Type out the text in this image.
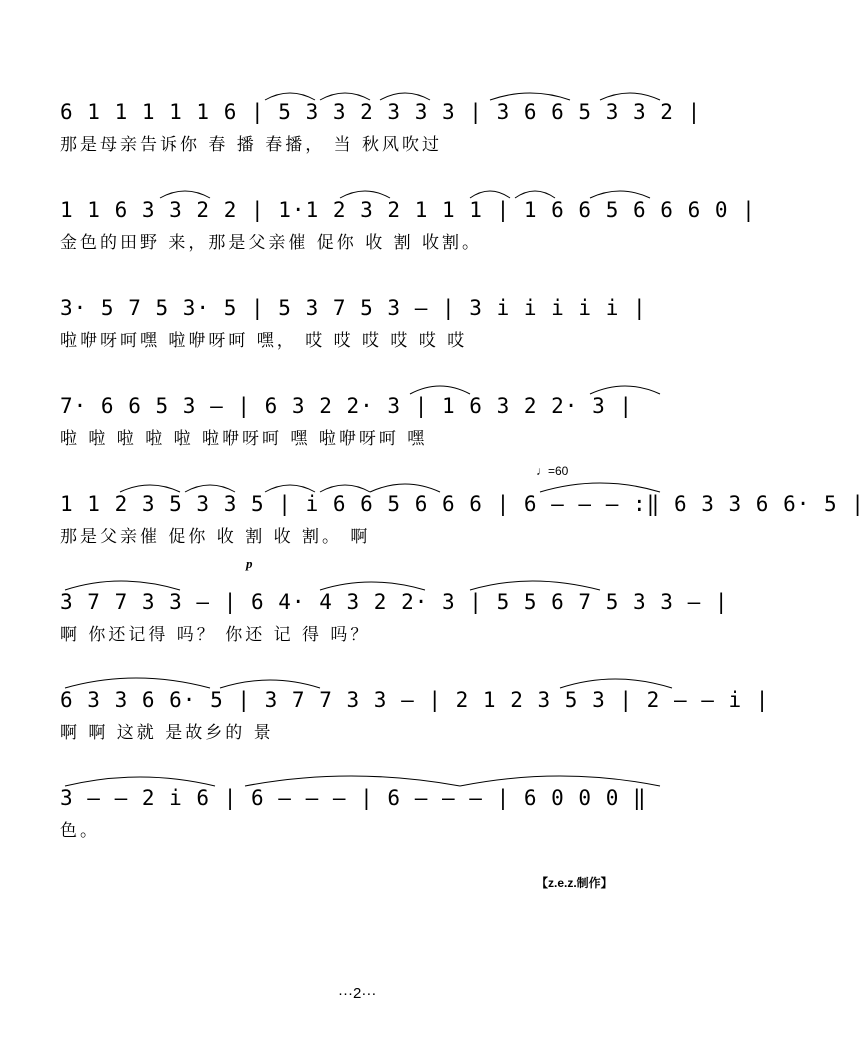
6 1 1 1 1 1 6 | 5 3 3 2 3 3 3 | 3 6 6 5 3 3 2 |
那是母亲告诉你 春 播 春播， 当 秋风吹过
1 1 6 3 3 2 2 | 1·1 2 3 2 1 1 1 | 1 6 6 5 6 6 6 0 |
金色的田野 来，那是父亲催 促你 收 割 收割。
3· 5 7 5 3· 5 | 5 3 7 5 3 — | 3 i i i i i |
啦咿呀呵嘿 啦咿呀呵 嘿， 哎 哎 哎 哎 哎 哎
7· 6 6 5 3 — | 6 3 2 2· 3 | 1 6 3 2 2· 3 |
啦 啦 啦 啦 啦 啦咿呀呵 嘿 啦咿呀呵 嘿
♩=60
1 1 2 3 5 3 3 5 | i 6 6 5 6 6 6 | 6 — — — :‖ 6 3 3 6 6· 5 |
那是父亲催 促你 收 割 收 割。 啊
p
3 7 7 3 3 — | 6 4· 4 3 2 2· 3 | 5 5 6 7 5 3 3 — |
啊 你还记得 吗？ 你还 记 得 吗？
6 3 3 6 6· 5 | 3 7 7 3 3 — | 2 1 2 3 5 3 | 2 — — i |
啊 啊 这就 是故乡的 景
3 — — 2 i 6 | 6 — — — | 6 — — — | 6 0 0 0 ‖
色。
【z.e.z.制作】
···2···
